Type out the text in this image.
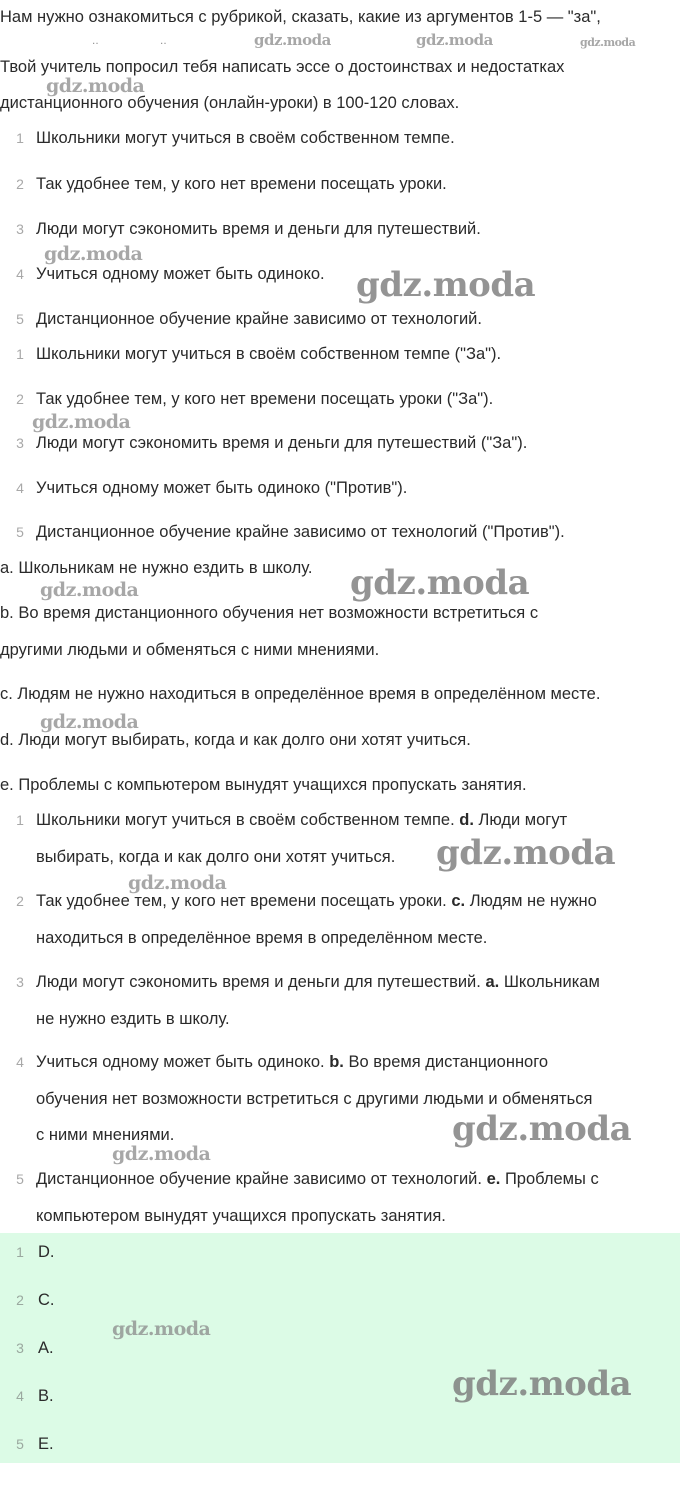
Нам нужно ознакомиться с рубрикой, сказать, какие из аргументов 1-5 — "за",
‥	‥
Твой учитель попросил тебя написать эссе о достоинствах и недостатках
дистанционного обучения (онлайн-уроки) в 100-120 словах.
1 Школьники могут учиться в своём собственном темпе.
2 Так удобнее тем, у кого нет времени посещать уроки.
3 Люди могут сэкономить время и деньги для путешествий.
4 Учиться одному может быть одиноко.
5 Дистанционное обучение крайне зависимо от технологий.
1 Школьники могут учиться в своём собственном темпе ("За").
2 Так удобнее тем, у кого нет времени посещать уроки ("За").
3 Люди могут сэкономить время и деньги для путешествий ("За").
4 Учиться одному может быть одиноко ("Против").
5 Дистанционное обучение крайне зависимо от технологий ("Против").
a. Школьникам не нужно ездить в школу.
b. Во время дистанционного обучения нет возможности встретиться с
другими людьми и обменяться с ними мнениями.
c. Людям не нужно находиться в определённое время в определённом месте.
d. Люди могут выбирать, когда и как долго они хотят учиться.
e. Проблемы с компьютером вынудят учащихся пропускать занятия.
1 Школьники могут учиться в своём собственном темпе. d. Люди могут
выбирать, когда и как долго они хотят учиться.
2 Так удобнее тем, у кого нет времени посещать уроки. c. Людям не нужно
находиться в определённое время в определённом месте.
3 Люди могут сэкономить время и деньги для путешествий. a. Школьникам
не нужно ездить в школу.
4 Учиться одному может быть одиноко. b. Во время дистанционного
обучения нет возможности встретиться с другими людьми и обменяться
с ними мнениями.
5 Дистанционное обучение крайне зависимо от технологий. e. Проблемы с
компьютером вынудят учащихся пропускать занятия.
1 D.
2 C.
3 A.
4 B.
5 E.
gdz.moda	gdz.moda	gdz.moda
gdz.moda
gdz.moda
gdz.moda
gdz.moda
gdz.moda
gdz.moda
gdz.moda
gdz.moda
gdz.moda
gdz.moda
gdz.moda
gdz.moda
gdz.moda
